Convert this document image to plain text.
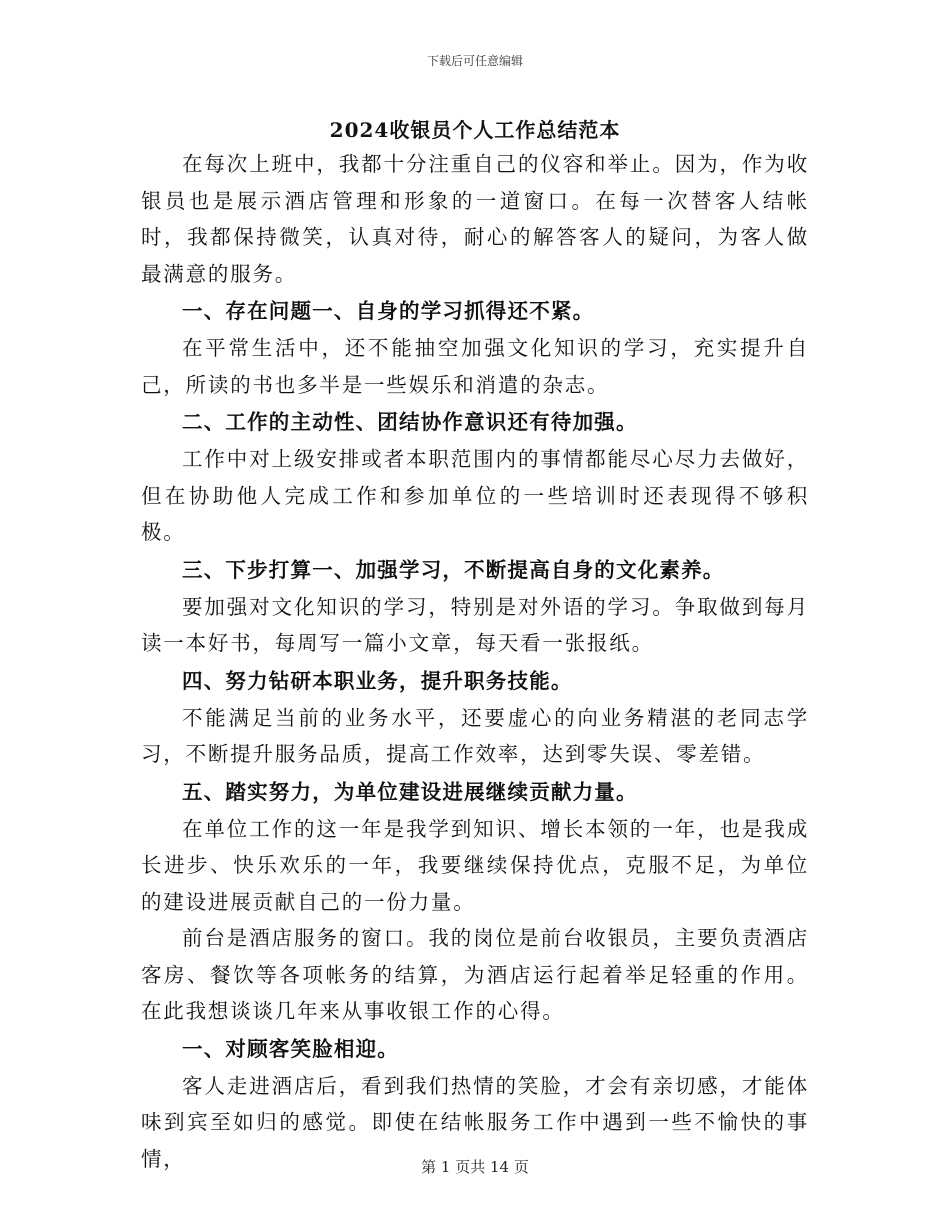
下载后可任意编辑
2024收银员个人工作总结范本

在每次上班中，我都十分注重自己的仪容和举止。因为，作为收银员也是展示酒店管理和形象的一道窗口。在每一次替客人结帐时，我都保持微笑，认真对待，耐心的解答客人的疑问，为客人做最满意的服务。

一、存在问题一、自身的学习抓得还不紧。

在平常生活中，还不能抽空加强文化知识的学习，充实提升自己，所读的书也多半是一些娱乐和消遣的杂志。

二、工作的主动性、团结协作意识还有待加强。

工作中对上级安排或者本职范围内的事情都能尽心尽力去做好，但在协助他人完成工作和参加单位的一些培训时还表现得不够积极。

三、下步打算一、加强学习，不断提高自身的文化素养。

要加强对文化知识的学习，特别是对外语的学习。争取做到每月读一本好书，每周写一篇小文章，每天看一张报纸。

四、努力钻研本职业务，提升职务技能。

不能满足当前的业务水平，还要虚心的向业务精湛的老同志学习，不断提升服务品质，提高工作效率，达到零失误、零差错。

五、踏实努力，为单位建设进展继续贡献力量。

在单位工作的这一年是我学到知识、增长本领的一年，也是我成长进步、快乐欢乐的一年，我要继续保持优点，克服不足，为单位的建设进展贡献自己的一份力量。

前台是酒店服务的窗口。我的岗位是前台收银员，主要负责酒店客房、餐饮等各项帐务的结算，为酒店运行起着举足轻重的作用。在此我想谈谈几年来从事收银工作的心得。

一、对顾客笑脸相迎。

客人走进酒店后，看到我们热情的笑脸，才会有亲切感，才能体味到宾至如归的感觉。即使在结帐服务工作中遇到一些不愉快的事情，	第 1 页共 14 页
